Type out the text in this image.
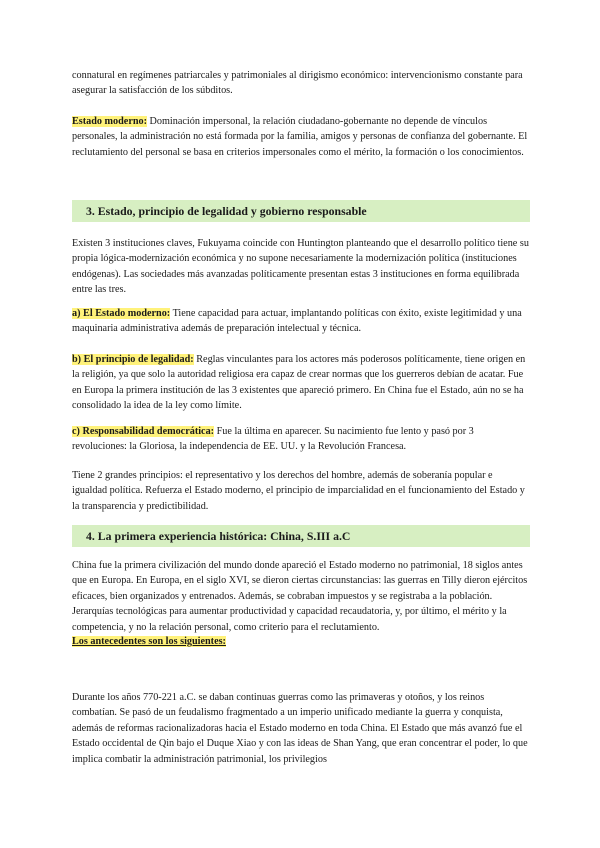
connatural en regímenes patriarcales y patrimoniales al dirigismo económico: intervencionismo constante para asegurar la satisfacción de los súbditos.

Estado moderno: Dominación impersonal, la relación ciudadano-gobernante no depende de vínculos personales, la administración no está formada por la familia, amigos y personas de confianza del gobernante. El reclutamiento del personal se basa en criterios impersonales como el mérito, la formación o los conocimientos.

3. Estado, principio de legalidad y gobierno responsable

Existen 3 instituciones claves, Fukuyama coincide con Huntington planteando que el desarrollo político tiene su propia lógica-modernización económica y no supone necesariamente la modernización política (instituciones endógenas). Las sociedades más avanzadas políticamente presentan estas 3 instituciones en forma equilibrada entre las tres.

a) El Estado moderno: Tiene capacidad para actuar, implantando políticas con éxito, existe legitimidad y una maquinaria administrativa además de preparación intelectual y técnica.

b) El principio de legalidad: Reglas vinculantes para los actores más poderosos políticamente, tiene origen en la religión, ya que solo la autoridad religiosa era capaz de crear normas que los guerreros debían de acatar. Fue en Europa la primera institución de las 3 existentes que apareció primero. En China fue el Estado, aún no se ha consolidado la idea de la ley como límite.

c) Responsabilidad democrática: Fue la última en aparecer. Su nacimiento fue lento y pasó por 3 revoluciones: la Gloriosa, la independencia de EE. UU. y la Revolución Francesa.

Tiene 2 grandes principios: el representativo y los derechos del hombre, además de soberanía popular e igualdad política. Refuerza el Estado moderno, el principio de imparcialidad en el funcionamiento del Estado y la transparencia y predictibilidad.

4. La primera experiencia histórica: China, S.III a.C

China fue la primera civilización del mundo donde apareció el Estado moderno no patrimonial, 18 siglos antes que en Europa. En Europa, en el siglo XVI, se dieron ciertas circunstancias: las guerras en Tilly dieron ejércitos eficaces, bien organizados y entrenados. Además, se cobraban impuestos y se registraba a la población. Jerarquías tecnológicas para aumentar productividad y capacidad recaudatoria, y, por último, el mérito y la competencia, y no la relación personal, como criterio para el reclutamiento.

Los antecedentes son los siguientes:

Durante los años 770-221 a.C. se daban continuas guerras como las primaveras y otoños, y los reinos combatían. Se pasó de un feudalismo fragmentado a un imperio unificado mediante la guerra y conquista, además de reformas racionalizadoras hacia el Estado moderno en toda China. El Estado que más avanzó fue el Estado occidental de Qin bajo el Duque Xiao y con las ideas de Shan Yang, que eran concentrar el poder, lo que implica combatir la administración patrimonial, los privilegios
